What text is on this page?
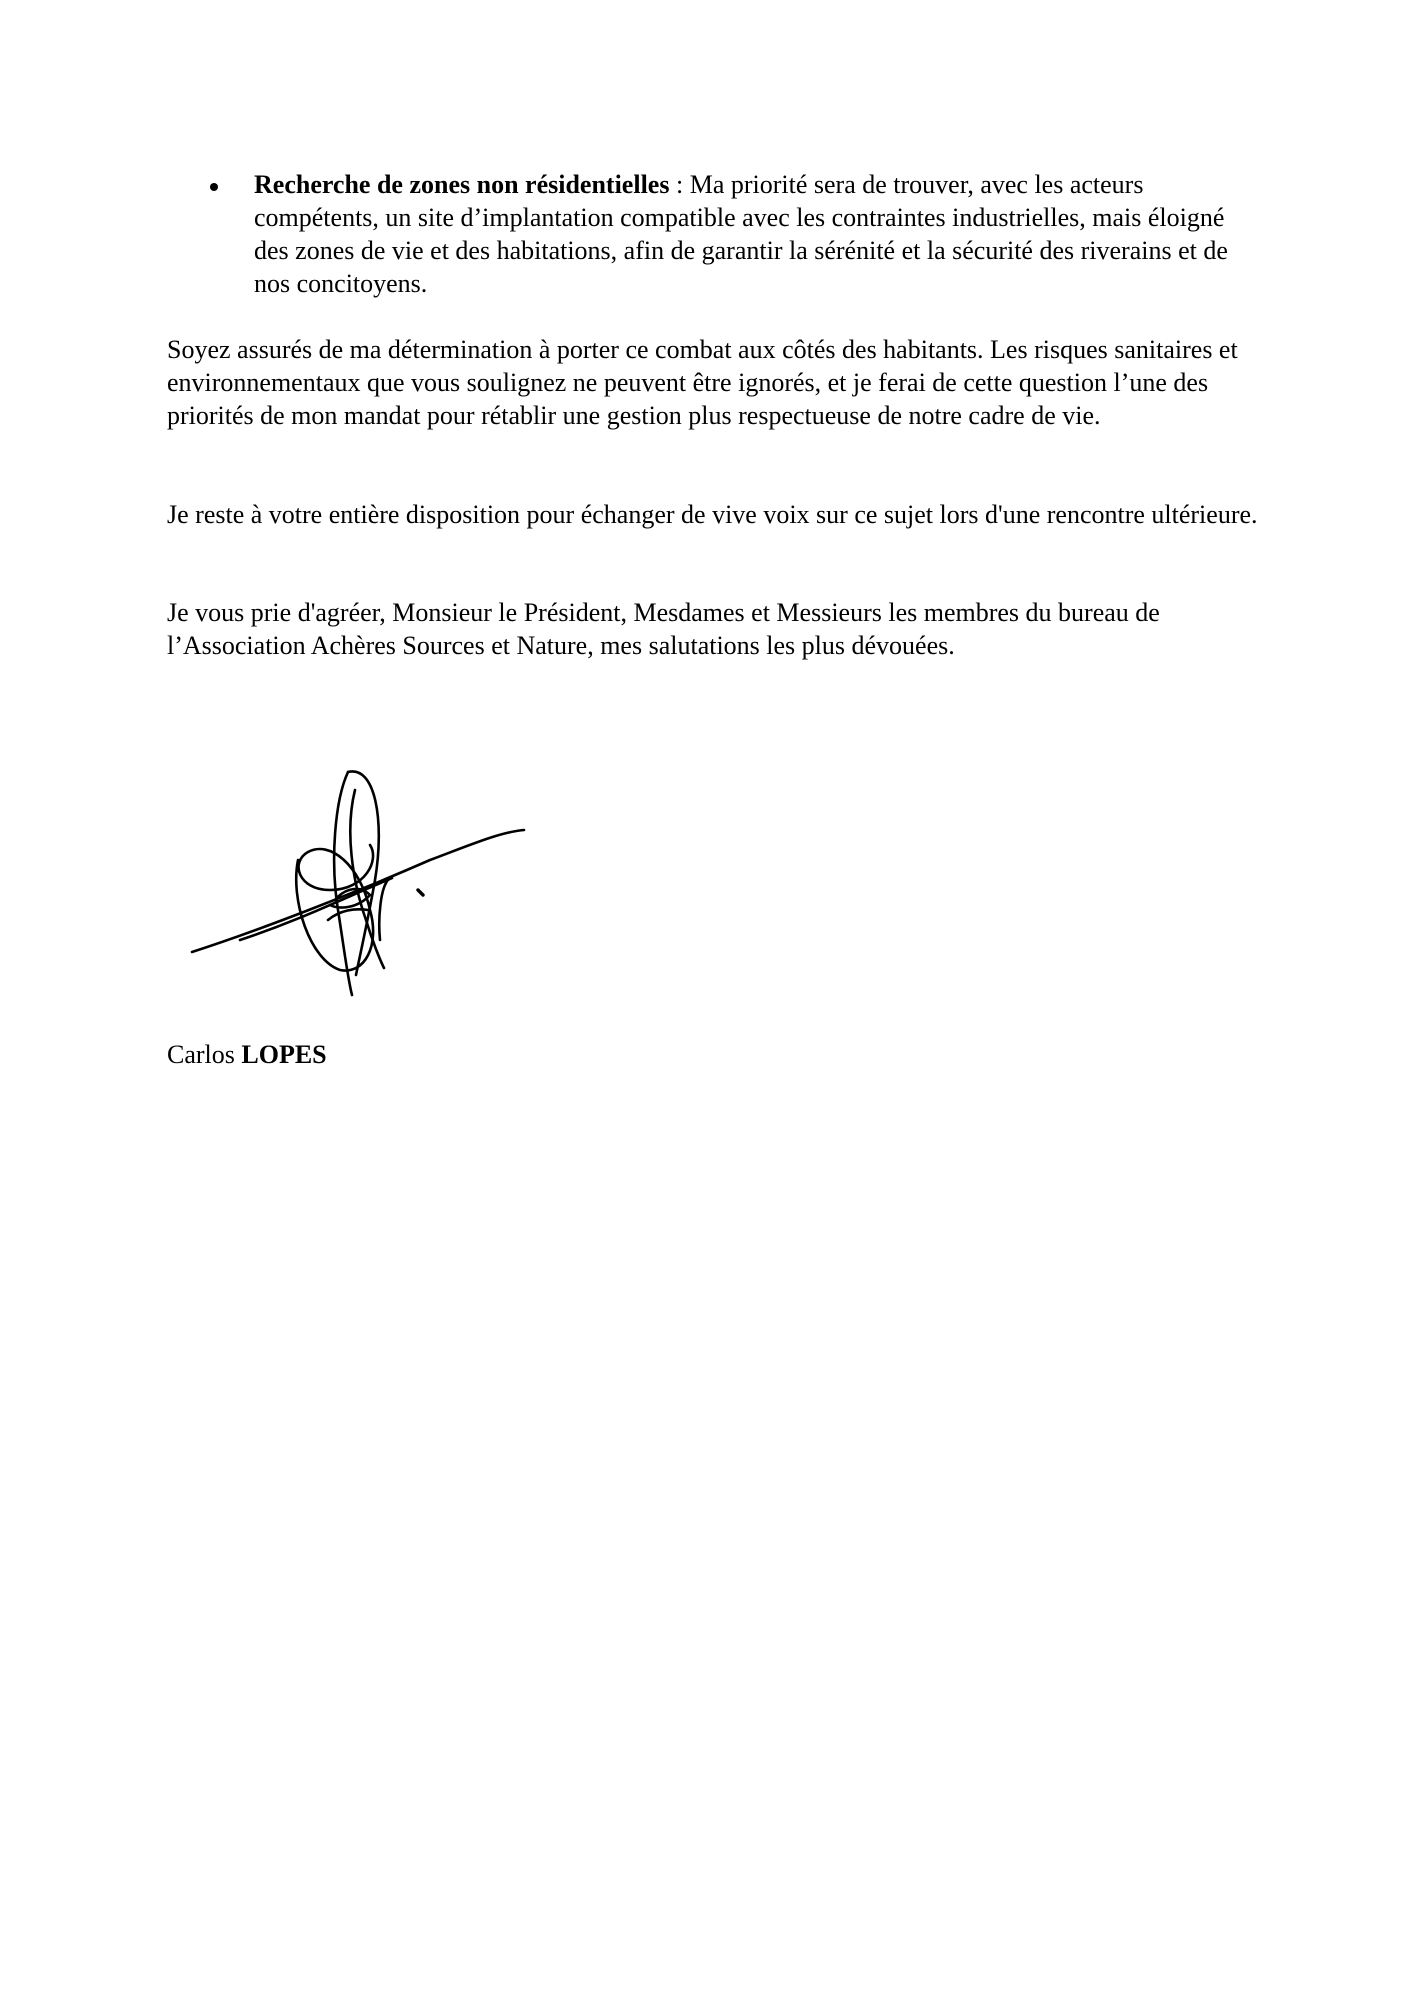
Recherche de zones non résidentielles : Ma priorité sera de trouver, avec les acteurs compétents, un site d’implantation compatible avec les contraintes industrielles, mais éloigné des zones de vie et des habitations, afin de garantir la sérénité et la sécurité des riverains et de nos concitoyens.

Soyez assurés de ma détermination à porter ce combat aux côtés des habitants. Les risques sanitaires et environnementaux que vous soulignez ne peuvent être ignorés, et je ferai de cette question l’une des priorités de mon mandat pour rétablir une gestion plus respectueuse de notre cadre de vie.

Je reste à votre entière disposition pour échanger de vive voix sur ce sujet lors d'une rencontre ultérieure.

Je vous prie d'agréer, Monsieur le Président, Mesdames et Messieurs les membres du bureau de l’Association Achères Sources et Nature, mes salutations les plus dévouées.

Carlos LOPES
